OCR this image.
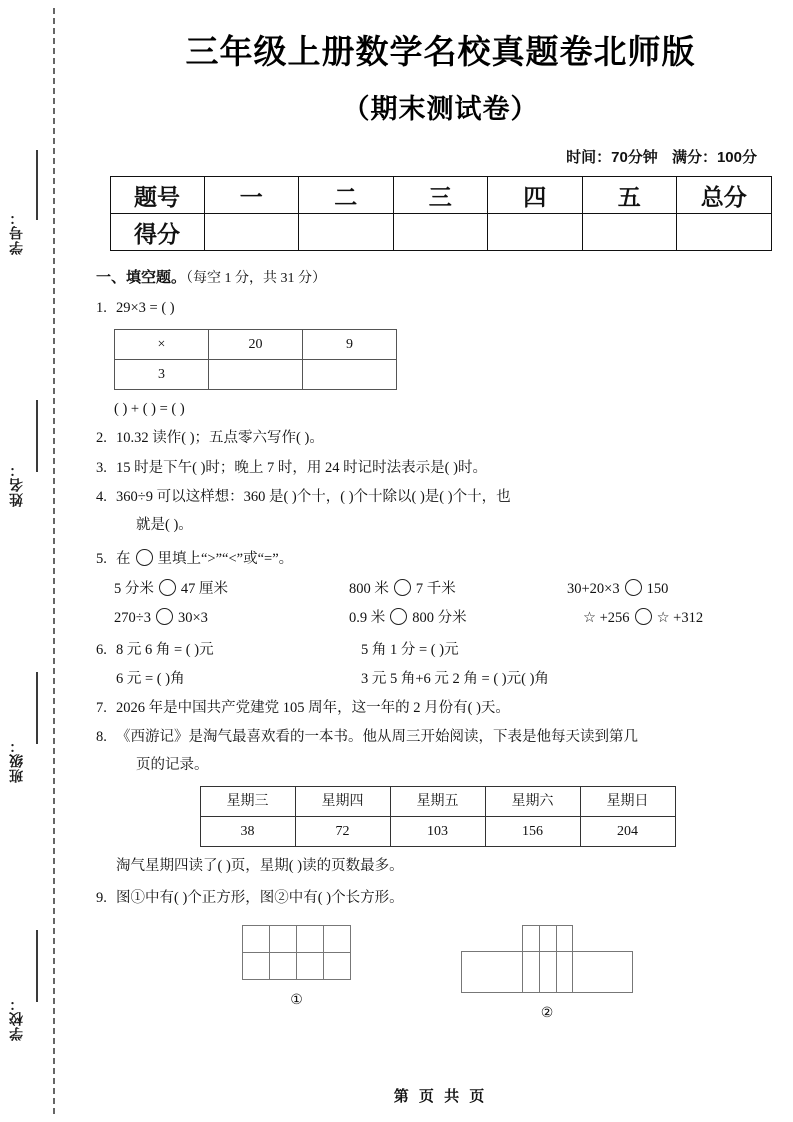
学号：
姓名：
班级：
学校：
三年级上册数学名校真题卷北师版
（期末测试卷）
时间：70分钟 满分：100分
题号	一	二	三	四	五	总分
得分						
一、填空题。（每空 1 分，共 31 分）
1. 29×3 = ( )
×	20	9
3		
( ) + ( ) = ( )
2. 10.32 读作( )；五点零六写作( )。
3. 15 时是下午( )时；晚上 7 时，用 24 时记时法表示是( )时。
4. 360÷9 可以这样想：360 是( )个十，( )个十除以( )是( )个十，也
就是( )。
5. 在 里填上“>”“<”或“=”。
5 分米 47 厘米	800 米 7 千米	30+20×3 150
270÷3 30×3	0.9 米 800 分米	☆ +256 ☆ +312
6. 8 元 6 角 = ( )元	5 角 1 分 = ( )元
6 元 = ( )角	3 元 5 角+6 元 2 角 = ( )元( )角
7. 2026 年是中国共产党建党 105 周年，这一年的 2 月份有( )天。
8. 《西游记》是淘气最喜欢看的一本书。他从周三开始阅读，下表是他每天读到第几
页的记录。
星期三	星期四	星期五	星期六	星期日
38	72	103	156	204
淘气星期四读了( )页，星期( )读的页数最多。
9. 图①中有( )个正方形，图②中有( )个长方形。
①
②
第 页 共 页
